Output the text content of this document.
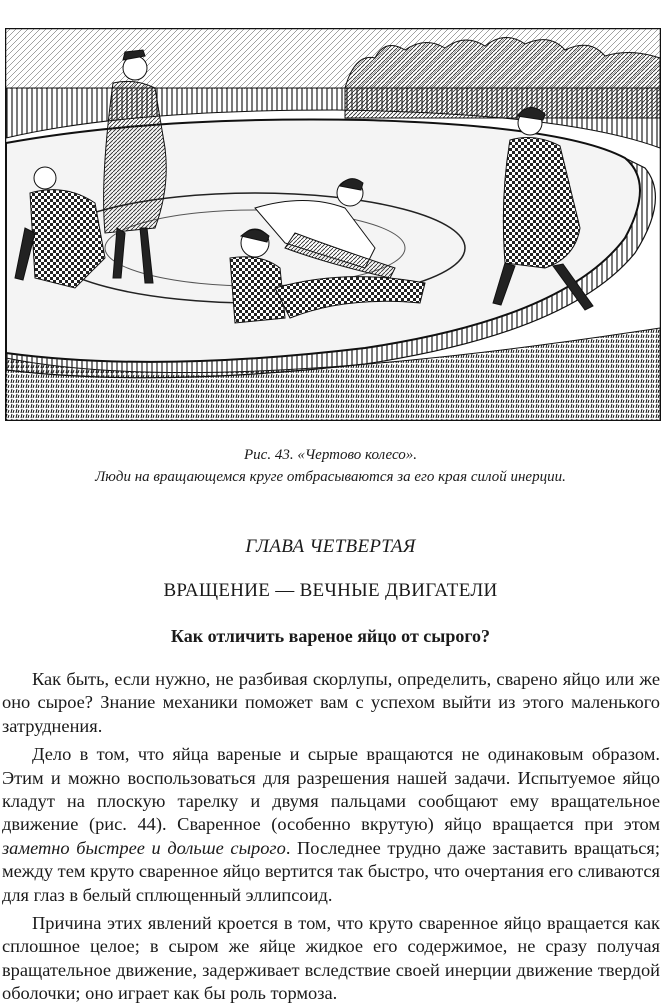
Рис. 43. «Чертово колесо».
Люди на вращающемся круге отбрасываются за его края силой инерции.
ГЛАВА ЧЕТВЕРТАЯ
ВРАЩЕНИЕ — ВЕЧНЫЕ ДВИГАТЕЛИ
Как отличить вареное яйцо от сырого?

Как быть, если нужно, не разбивая скорлупы, определить, сварено яйцо или же оно сырое? Знание механики поможет вам с успехом выйти из этого маленького затруднения.

Дело в том, что яйца вареные и сырые вращаются не одинаковым образом. Этим и можно воспользоваться для разрешения нашей задачи. Испытуемое яйцо кладут на плоскую тарелку и двумя пальцами сообщают ему вращательное движение (рис. 44). Сваренное (особенно вкрутую) яйцо вращается при этом заметно быстрее и дольше сырого. Последнее трудно даже заставить вращаться; между тем круто сваренное яйцо вертится так быстро, что очертания его сливаются для глаз в белый сплющенный эллипсоид.

Причина этих явлений кроется в том, что круто сваренное яйцо вращается как сплошное целое; в сыром же яйце жидкое его содержимое, не сразу получая вращательное движение, задерживает вследствие своей инерции движение твердой оболочки; оно играет как бы роль тормоза.
